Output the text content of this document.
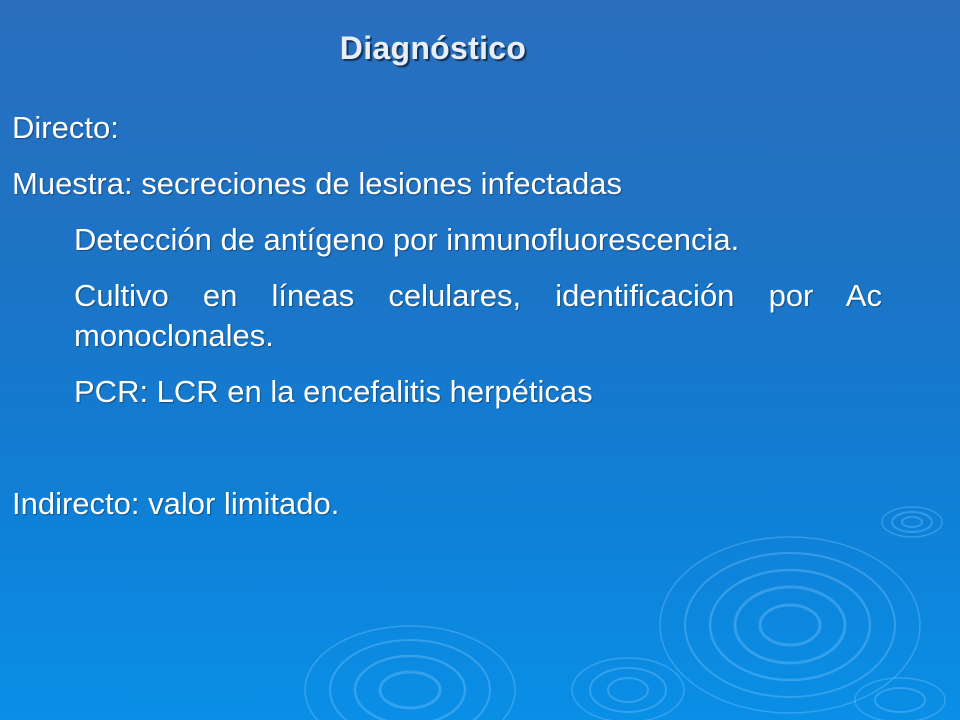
Diagnóstico
Directo:
Muestra: secreciones de lesiones infectadas
Detección de antígeno por inmunofluorescencia.
Cultivo en líneas celulares, identificación por Ac monoclonales.
PCR: LCR en la encefalitis herpéticas
Indirecto: valor limitado.
